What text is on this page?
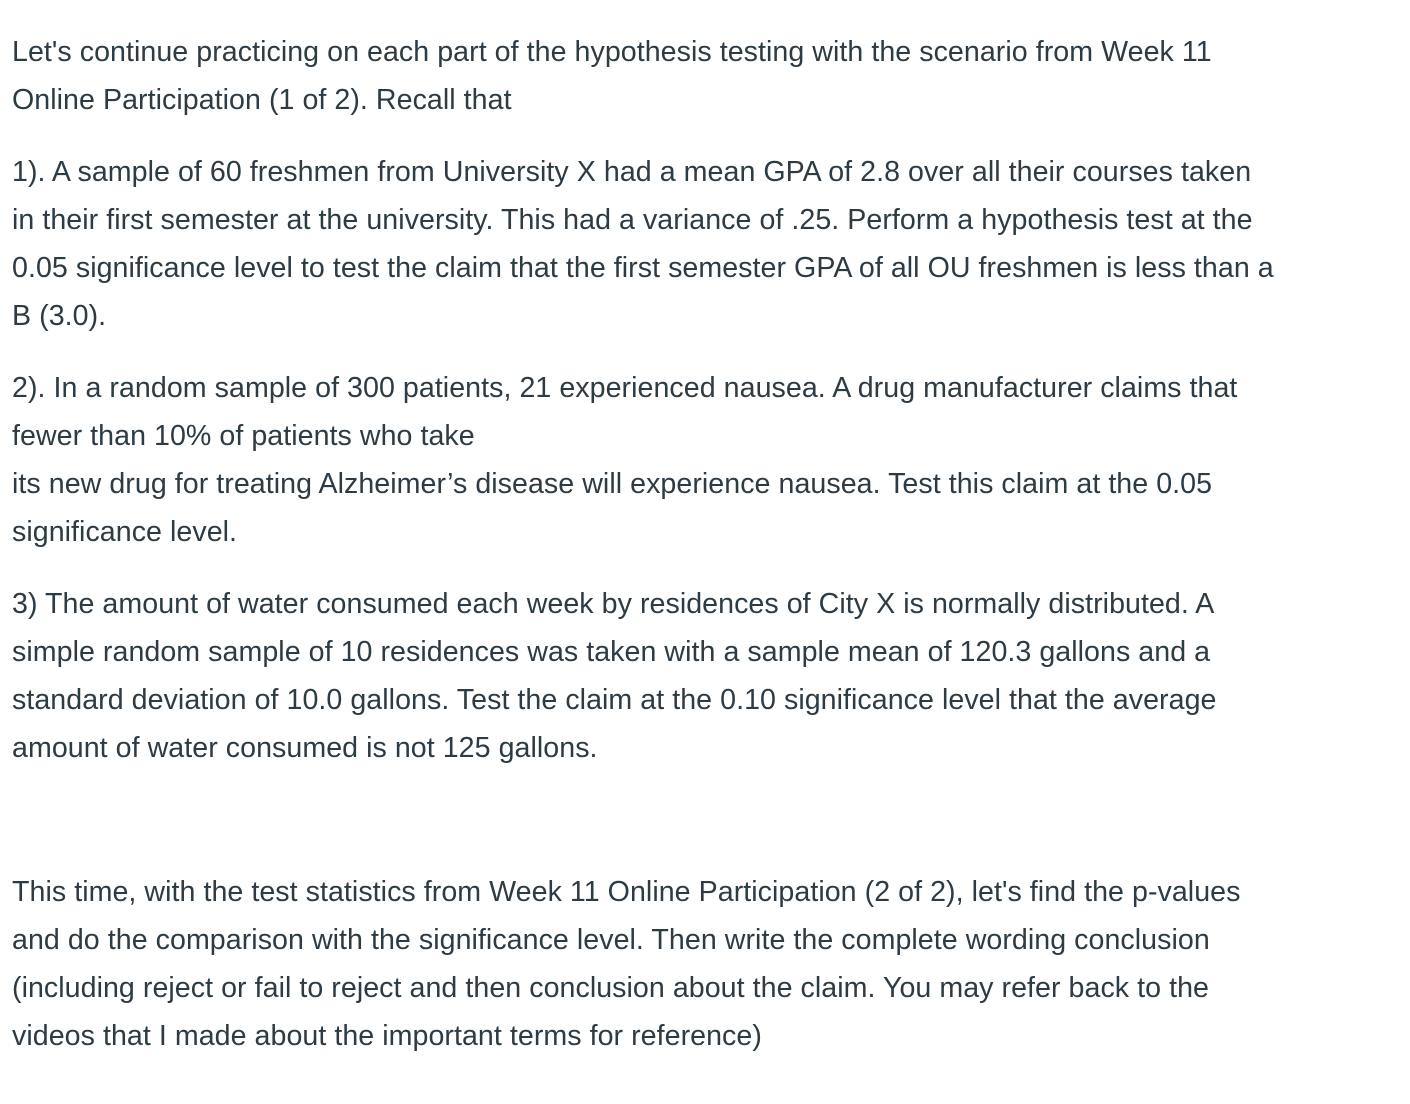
Let's continue practicing on each part of the hypothesis testing with the scenario from Week 11
Online Participation (1 of 2). Recall that

1). A sample of 60 freshmen from University X had a mean GPA of 2.8 over all their courses taken
in their first semester at the university. This had a variance of .25. Perform a hypothesis test at the
0.05 significance level to test the claim that the first semester GPA of all OU freshmen is less than a
B (3.0).

2). In a random sample of 300 patients, 21 experienced nausea. A drug manufacturer claims that
fewer than 10% of patients who take
its new drug for treating Alzheimer’s disease will experience nausea. Test this claim at the 0.05
significance level.

3) The amount of water consumed each week by residences of City X is normally distributed. A
simple random sample of 10 residences was taken with a sample mean of 120.3 gallons and a
standard deviation of 10.0 gallons. Test the claim at the 0.10 significance level that the average
amount of water consumed is not 125 gallons.

This time, with the test statistics from Week 11 Online Participation (2 of 2), let's find the p-values
and do the comparison with the significance level. Then write the complete wording conclusion
(including reject or fail to reject and then conclusion about the claim. You may refer back to the
videos that I made about the important terms for reference)
